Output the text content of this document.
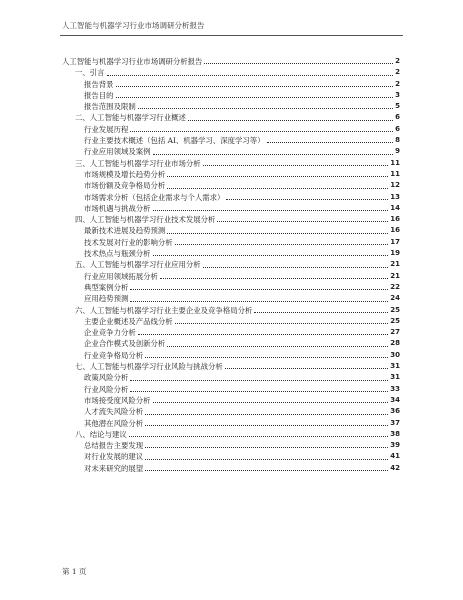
人工智能与机器学习行业市场调研分析报告
人工智能与机器学习行业市场调研分析报告	2
一、引言	2
报告背景	2
报告目的	3
报告范围及限制	5
二、人工智能与机器学习行业概述	6
行业发展历程	6
行业主要技术概述（包括 AI、机器学习、深度学习等）	8
行业应用领域及案例	9
三、人工智能与机器学习行业市场分析	11
市场规模及增长趋势分析	11
市场份额及竞争格局分析	12
市场需求分析（包括企业需求与个人需求）	13
市场机遇与挑战分析	14
四、人工智能与机器学习行业技术发展分析	16
最新技术进展及趋势预测	16
技术发展对行业的影响分析	17
技术热点与瓶颈分析	19
五、人工智能与机器学习行业应用分析	21
行业应用领域拓展分析	21
典型案例分析	22
应用趋势预测	24
六、人工智能与机器学习行业主要企业及竞争格局分析	25
主要企业概述及产品线分析	25
企业竞争力分析	27
企业合作模式及创新分析	28
行业竞争格局分析	30
七、人工智能与机器学习行业风险与挑战分析	31
政策风险分析	31
行业风险分析	33
市场接受度风险分析	34
人才流失风险分析	36
其他潜在风险分析	37
八、结论与建议	38
总结报告主要发现	39
对行业发展的建议	41
对未来研究的展望	42
第 1 页
